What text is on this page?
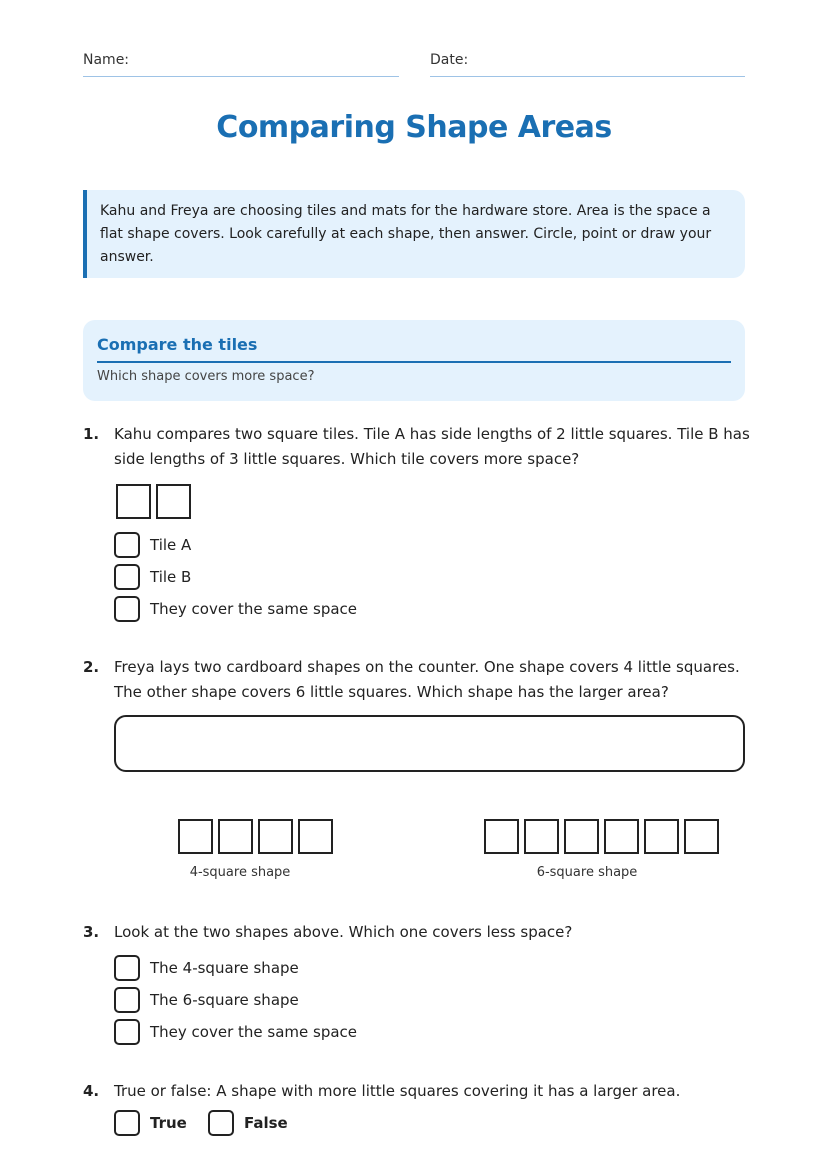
Name:	Date:
Comparing Shape Areas
Kahu and Freya are choosing tiles and mats for the hardware store. Area is the space a flat shape covers. Look carefully at each shape, then answer. Circle, point or draw your answer.
Compare the tiles
Which shape covers more space?
1. Kahu compares two square tiles. Tile A has side lengths of 2 little squares. Tile B has side lengths of 3 little squares. Which tile covers more space?
Tile A
Tile B
They cover the same space
2. Freya lays two cardboard shapes on the counter. One shape covers 4 little squares. The other shape covers 6 little squares. Which shape has the larger area?
4-square shape	6-square shape
3. Look at the two shapes above. Which one covers less space?
The 4-square shape
The 6-square shape
They cover the same space
4. True or false: A shape with more little squares covering it has a larger area.
True	False
